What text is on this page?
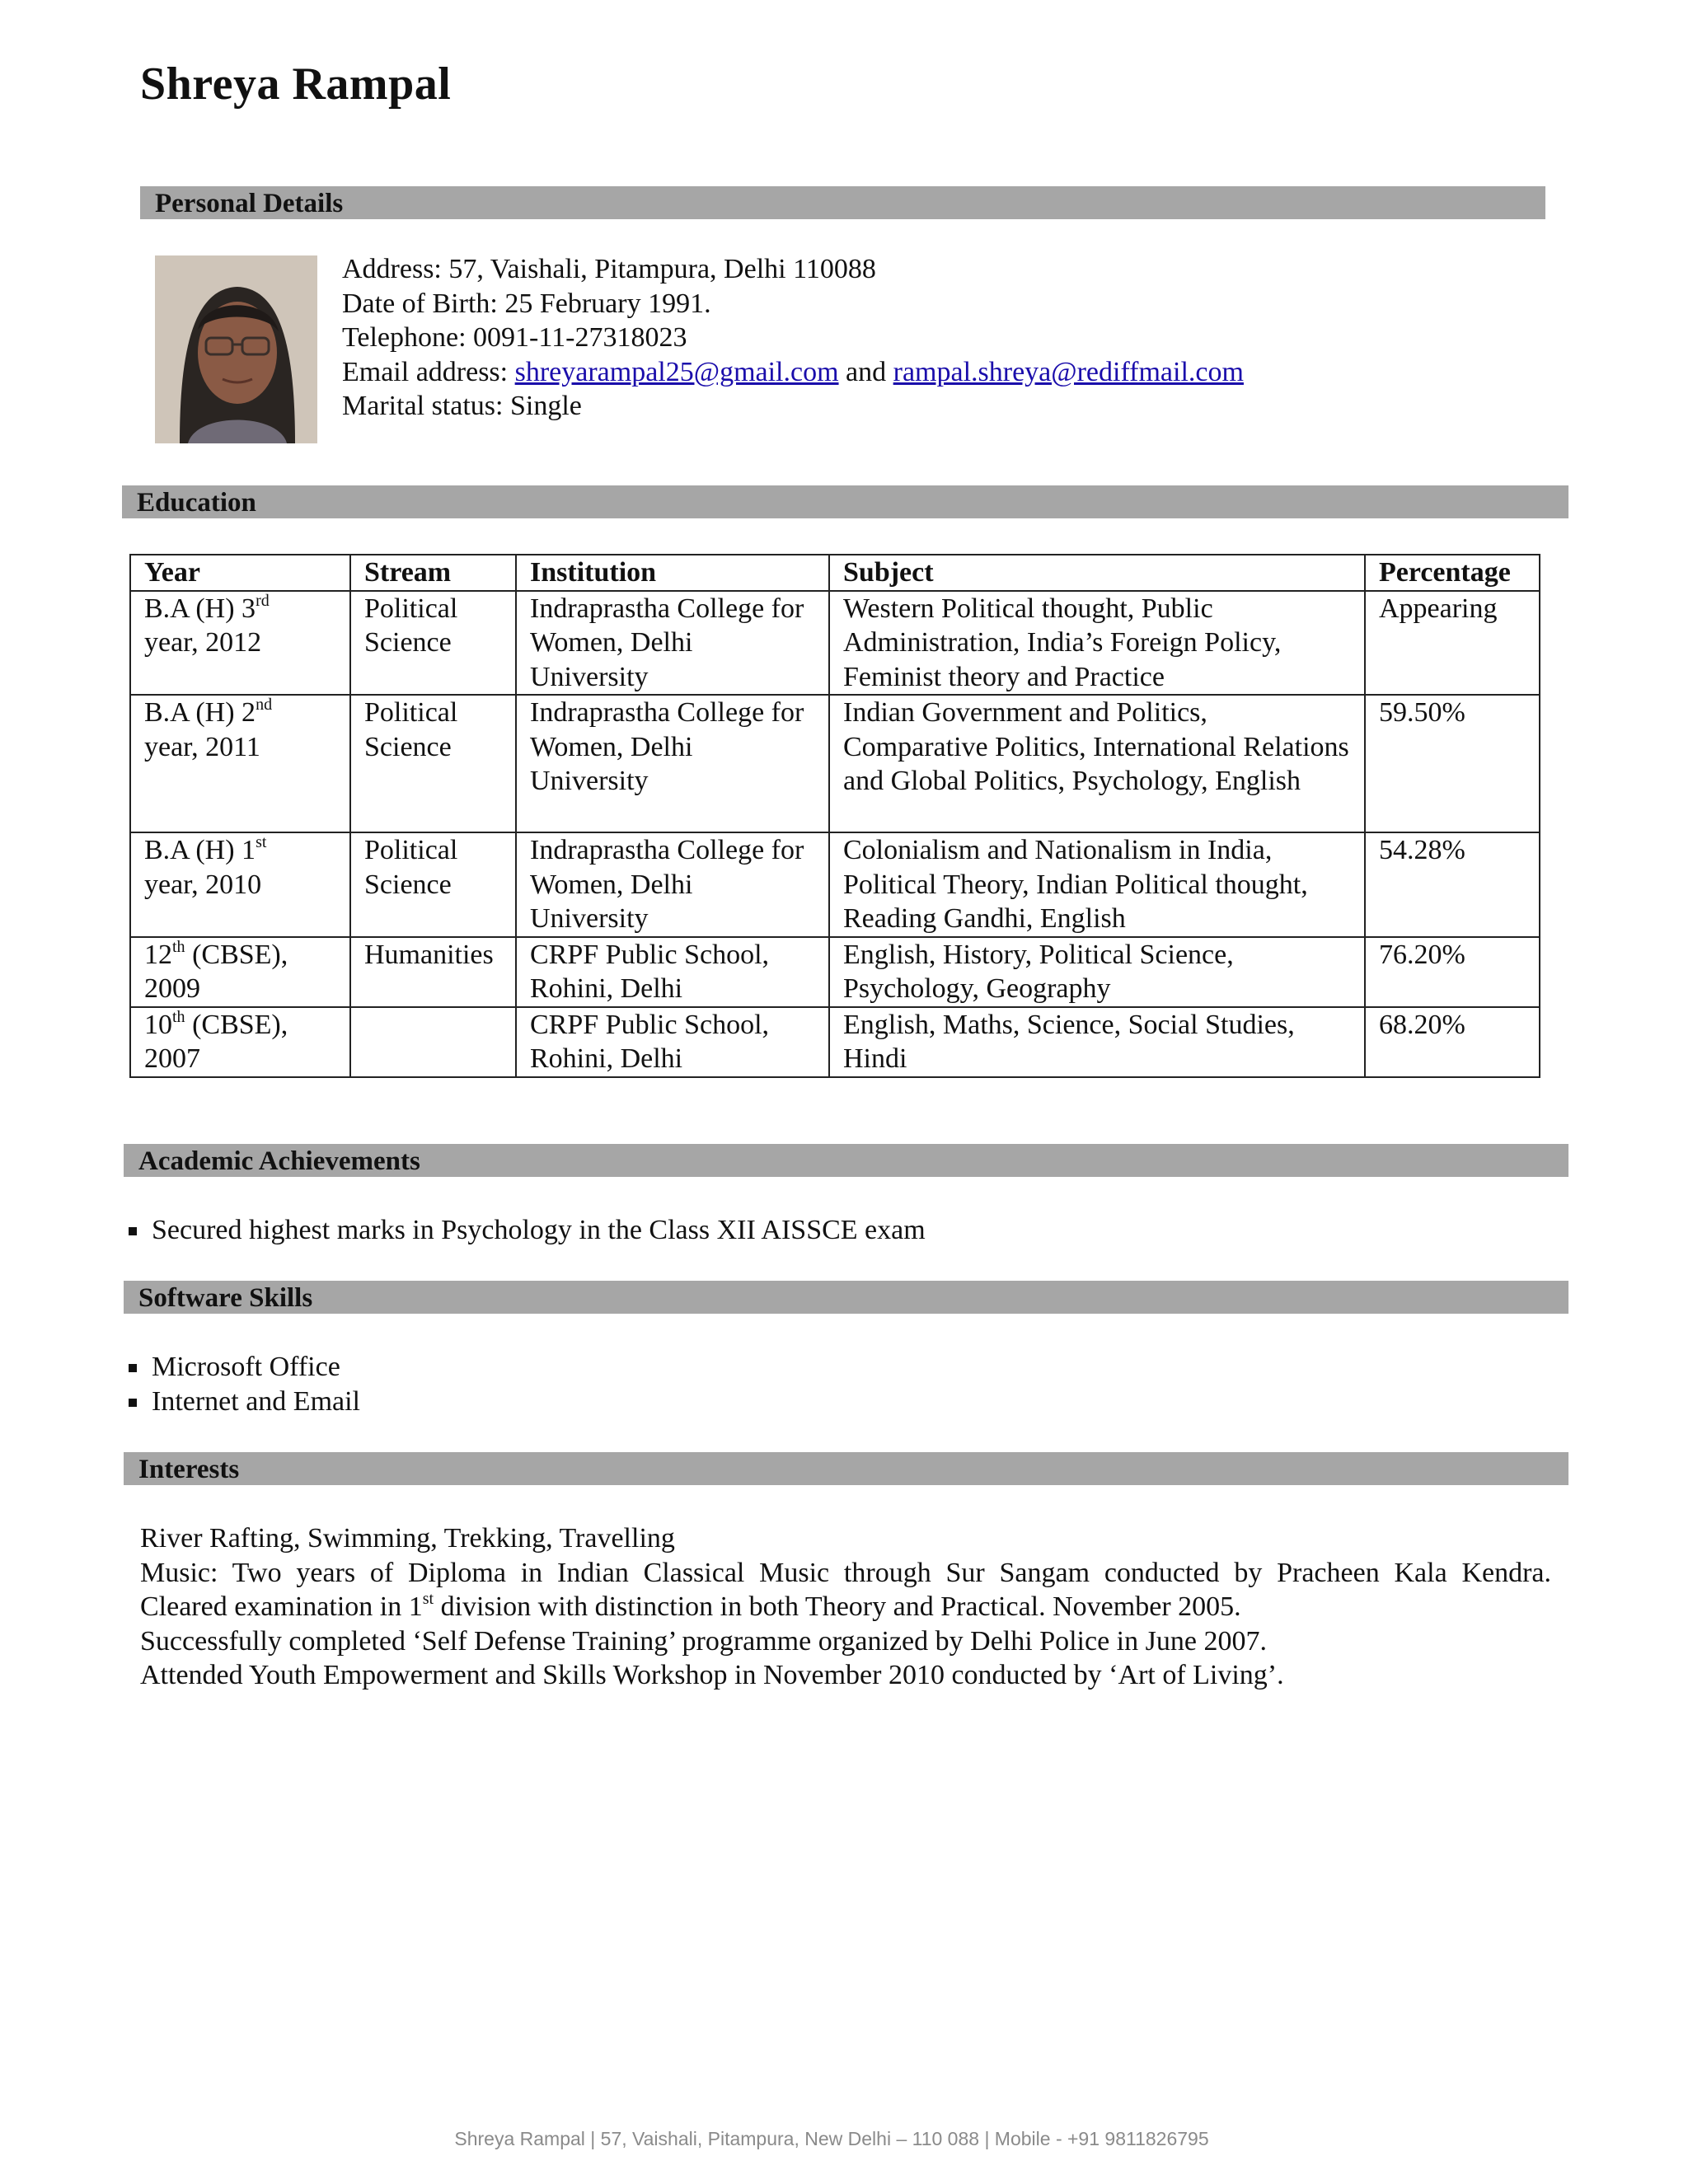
Shreya Rampal
Personal Details
Address: 57, Vaishali, Pitampura, Delhi 110088
Date of Birth: 25 February 1991.
Telephone: 0091-11-27318023
Email address: shreyarampal25@gmail.com and rampal.shreya@rediffmail.com
Marital status: Single
Education
Year	Stream	Institution	Subject	Percentage
B.A (H) 3rd
year, 2012	Political Science	Indraprastha College for Women, Delhi University	Western Political thought, Public Administration, India’s Foreign Policy, Feminist theory and Practice	Appearing
B.A (H) 2nd
year, 2011	Political Science	Indraprastha College for Women, Delhi University	Indian Government and Politics, Comparative Politics, International Relations and Global Politics, Psychology, English	59.50%
B.A (H) 1st
year, 2010	Political Science	Indraprastha College for Women, Delhi University	Colonialism and Nationalism in India, Political Theory, Indian Political thought, Reading Gandhi, English	54.28%
12th (CBSE), 2009	Humanities	CRPF Public School, Rohini, Delhi	English, History, Political Science, Psychology, Geography	76.20%
10th (CBSE), 2007		CRPF Public School, Rohini, Delhi	English, Maths, Science, Social Studies, Hindi	68.20%
Academic Achievements
Secured highest marks in Psychology in the Class XII AISSCE exam
Software Skills
Microsoft Office
Internet and Email
Interests

River Rafting, Swimming, Trekking, Travelling

Music: Two years of Diploma in Indian Classical Music through Sur Sangam conducted by Pracheen Kala Kendra.

Cleared examination in 1st division with distinction in both Theory and Practical. November 2005.

Successfully completed ‘Self Defense Training’ programme organized by Delhi Police in June 2007.

Attended Youth Empowerment and Skills Workshop in November 2010 conducted by ‘Art of Living’.

Shreya Rampal | 57, Vaishali, Pitampura, New Delhi – 110 088 | Mobile - +91 9811826795
